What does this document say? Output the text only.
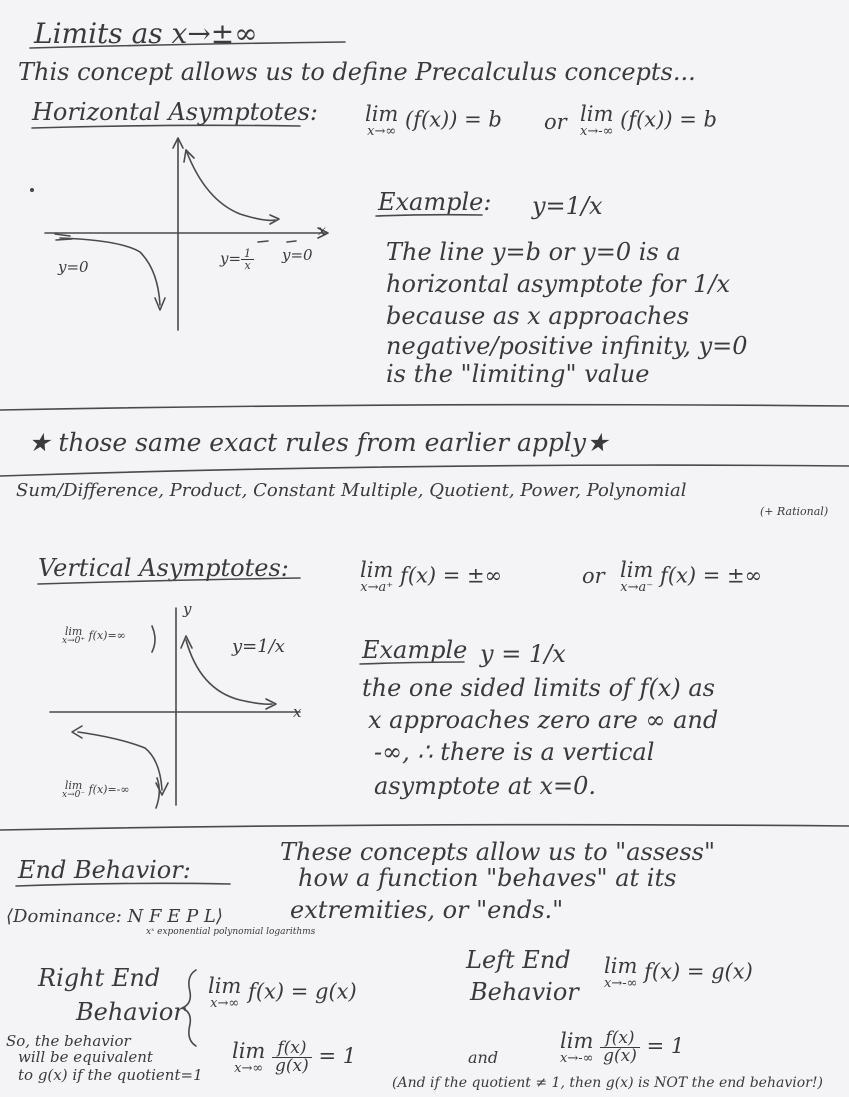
Limits as x→±∞
This concept allows us to define Precalculus concepts...
Horizontal Asymptotes: lim
x→∞ (f(x)) = b or lim
x→-∞ (f(x)) = b
x
y=0	$y= \frac{1}{x} y=0$
Example: y=1/x
The line y=b or y=0 is a
horizontal asymptote for 1/x
because as x approaches
negative/positive infinity, y=0
is the "limiting" value
★ those same exact rules from earlier apply★
Sum/Difference, Product, Constant Multiple, Quotient, Power, Polynomial
(+ Rational)
Vertical Asymptotes:	lim
x→a⁺ f(x) = ±∞	or lim
x→a⁻ f(x) = ±∞
y
x
y=1/x
lim
x→0⁺ f(x)=∞
lim
x→0⁻ f(x)=-∞
Example y = 1/x
the one sided limits of f(x) as
x approaches zero are ∞ and
-∞, ∴ there is a vertical
asymptote at x=0.
End Behavior:
These concepts allow us to "assess"
how a function "behaves" at its
extremities, or "ends."
⟨Dominance: N F E P L⟩
xˣ exponential polynomial logarithms
Right End
Behavior
lim
x→∞ f(x) = g(x)
Left End
Behavior
lim
x→-∞ f(x) = g(x)
So, the behavior
will be equivalent
to g(x) if the quotient=1
lim
x→∞
$\frac{f(x)}{g(x)} = 1$	and
lim
x→-∞
$\frac{f(x)}{g(x)} = 1$
(And if the quotient ≠ 1, then g(x) is NOT the end behavior!)
